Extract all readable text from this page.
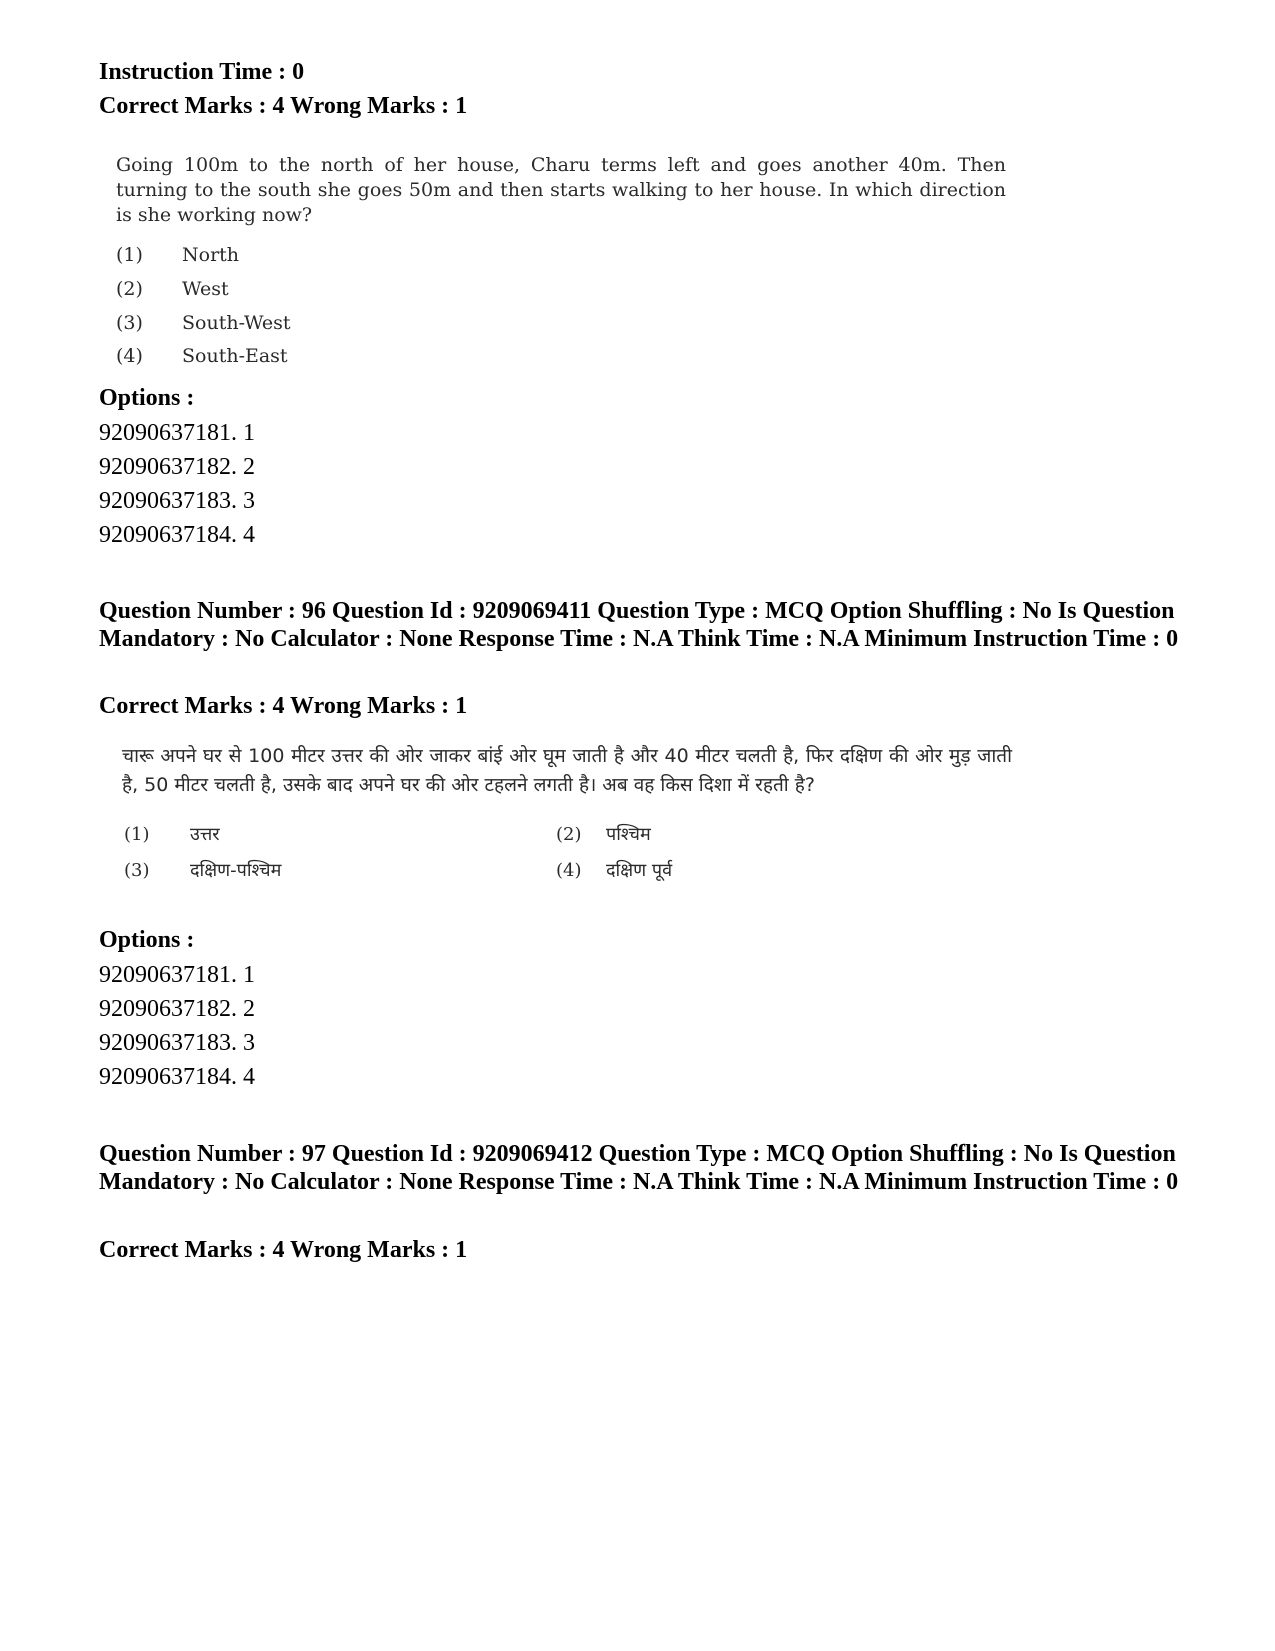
Instruction Time : 0
Correct Marks : 4 Wrong Marks : 1
Going 100m to the north of her house, Charu terms left and goes another 40m. Then turning to the south she goes 50m and then starts walking to her house. In which direction is she working now?
(1) North
(2) West
(3) South-West
(4) South-East
Options :
92090637181. 1
92090637182. 2
92090637183. 3
92090637184. 4
Question Number : 96 Question Id : 9209069411 Question Type : MCQ Option Shuffling : No Is Question Mandatory : No Calculator : None Response Time : N.A Think Time : N.A Minimum Instruction Time : 0
Correct Marks : 4 Wrong Marks : 1
चारू अपने घर से 100 मीटर उत्तर की ओर जाकर बांई ओर घूम जाती है और 40 मीटर चलती है, फिर दक्षिण की ओर मुड़ जाती है, 50 मीटर चलती है, उसके बाद अपने घर की ओर टहलने लगती है। अब वह किस दिशा में रहती है?
(1) उत्तर	(2) पश्चिम
(3) दक्षिण-पश्चिम	(4) दक्षिण पूर्व
Options :
92090637181. 1
92090637182. 2
92090637183. 3
92090637184. 4
Question Number : 97 Question Id : 9209069412 Question Type : MCQ Option Shuffling : No Is Question Mandatory : No Calculator : None Response Time : N.A Think Time : N.A Minimum Instruction Time : 0
Correct Marks : 4 Wrong Marks : 1
